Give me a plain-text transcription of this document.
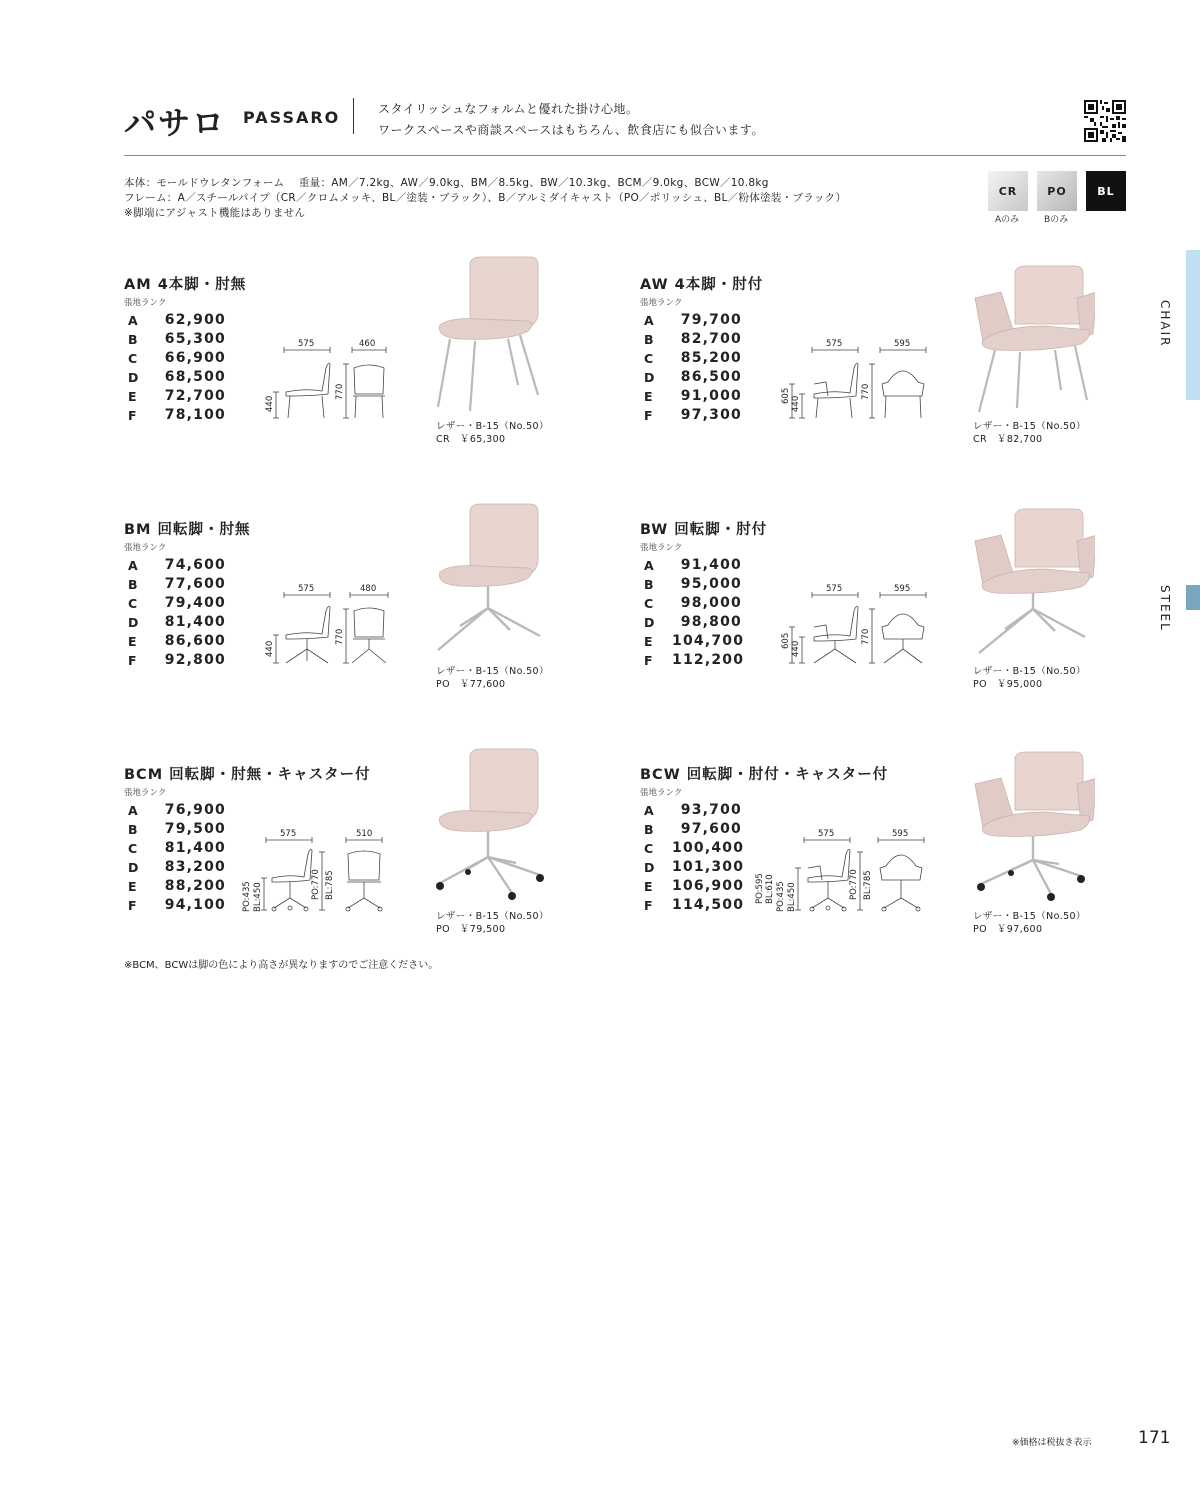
パサロ PASSARO	スタイリッシュなフォルムと優れた掛け心地。
ワークスペースや商談スペースはもちろん、飲食店にも似合います。
本体：モールドウレタンフォーム　 重量：AM／7.2kg、AW／9.0kg、BM／8.5kg、BW／10.3kg、BCM／9.0kg、BCW／10.8kg
フレーム：A／スチールパイプ（CR／クロムメッキ、BL／塗装・ブラック）、B／アルミダイキャスト（PO／ポリッシュ、BL／粉体塗装・ブラック）
※脚端にアジャスト機能はありません
CR	PO	BL
Aのみ	Bのみ
CHAIR
STEEL
AM 4本脚・肘無
張地ランク
A	62,900
B	65,300
C	66,900
D	68,500
E	72,700
F	78,100
575	460
440
770
レザー・B-15（No.50）
CR　￥65,300
AW 4本脚・肘付
張地ランク
A	79,700
B	82,700
C	85,200
D	86,500
E	91,000
F	97,300
575	595
605 440
770
レザー・B-15（No.50）
CR　￥82,700
BM 回転脚・肘無
張地ランク
A	74,600
B	77,600
C	79,400
D	81,400
E	86,600
F	92,800
575	480
440
770
レザー・B-15（No.50）
PO　￥77,600
BW 回転脚・肘付
張地ランク
A	91,400
B	95,000
C	98,000
D	98,800
E	104,700
F	112,200
575	595
605 440
770
レザー・B-15（No.50）
PO　￥95,000
BCM 回転脚・肘無・キャスター付
張地ランク
A	76,900
B	79,500
C	81,400
D	83,200
E	88,200
F	94,100
575	510
PO:435 BL:450	PO:770 BL:785
レザー・B-15（No.50）
PO　￥79,500
BCW 回転脚・肘付・キャスター付
張地ランク
A	93,700
B	97,600
C	100,400
D	101,300
E	106,900
F	114,500
575	595
PO:595 BL:610 PO:435 BL:450	PO:770 BL:785
レザー・B-15（No.50）
PO　￥97,600
※BCM、BCWは脚の色により高さが異なりますのでご注意ください。
※価格は税抜き表示	171
